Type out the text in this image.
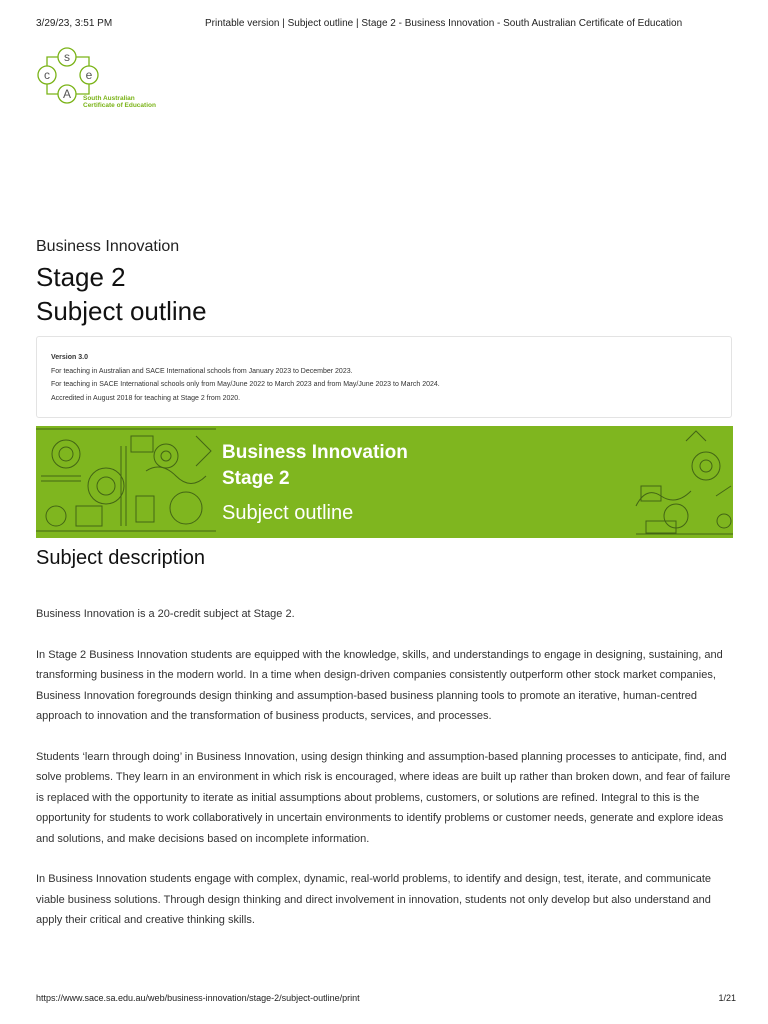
3/29/23, 3:51 PM	Printable version | Subject outline | Stage 2 - Business Innovation - South Australian Certificate of Education
s
c	e
A South Australian
Certificate of Education

Business Innovation

Stage 2
Subject outline
Version 3.0
For teaching in Australian and SACE International schools from January 2023 to December 2023.
For teaching in SACE International schools only from May/June 2022 to March 2023 and from May/June 2023 to March 2024.
Accredited in August 2018 for teaching at Stage 2 from 2020.
Business Innovation
Stage 2
Subject outline
Subject description

Business Innovation is a 20-credit subject at Stage 2.

In Stage 2 Business Innovation students are equipped with the knowledge, skills, and understandings to engage in designing, sustaining, and transforming business in the modern world. In a time when design-driven companies consistently outperform other stock market companies, Business Innovation foregrounds design thinking and assumption-based business planning tools to promote an iterative, human-centred approach to innovation and the transformation of business products, services, and processes.

Students ‘learn through doing’ in Business Innovation, using design thinking and assumption-based planning processes to anticipate, find, and solve problems. They learn in an environment in which risk is encouraged, where ideas are built up rather than broken down, and fear of failure is replaced with the opportunity to iterate as initial assumptions about problems, customers, or solutions are refined. Integral to this is the opportunity for students to work collaboratively in uncertain environments to identify problems or customer needs, generate and explore ideas and solutions, and make decisions based on incomplete information.

In Business Innovation students engage with complex, dynamic, real-world problems, to identify and design, test, iterate, and communicate viable business solutions. Through design thinking and direct involvement in innovation, students not only develop but also understand and apply their critical and creative thinking skills.

https://www.sace.sa.edu.au/web/business-innovation/stage-2/subject-outline/print	1/21
